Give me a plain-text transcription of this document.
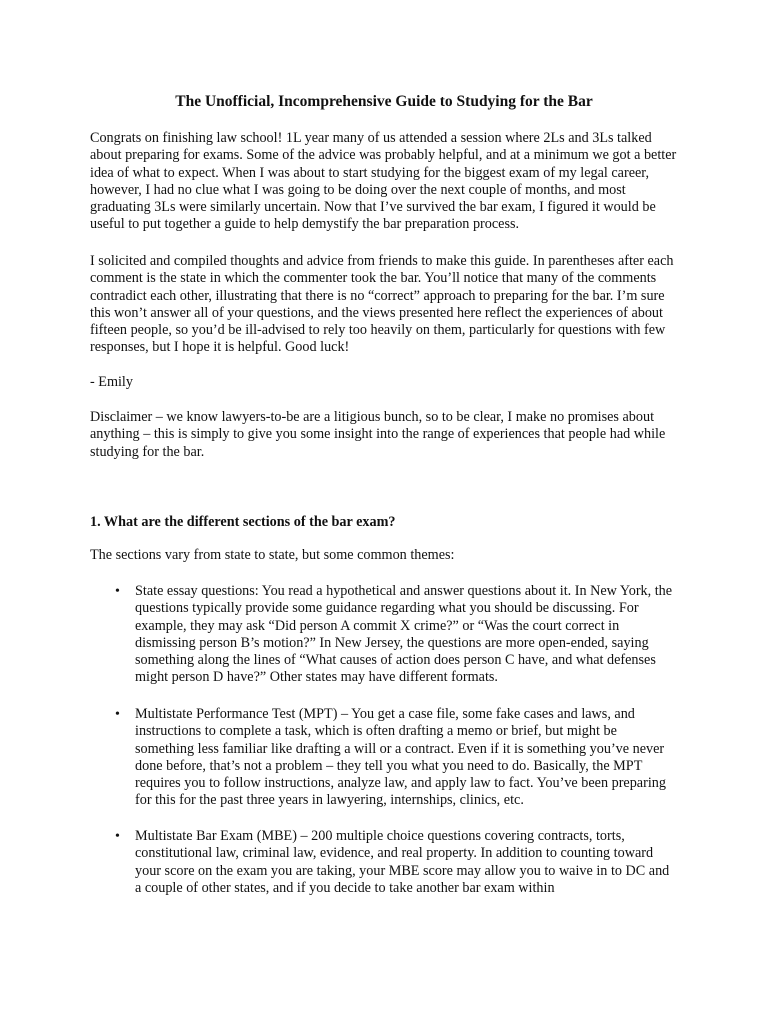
The Unofficial, Incomprehensive Guide to Studying for the Bar

Congrats on finishing law school! 1L year many of us attended a session where 2Ls and 3Ls talked about preparing for exams. Some of the advice was probably helpful, and at a minimum we got a better idea of what to expect. When I was about to start studying for the biggest exam of my legal career, however, I had no clue what I was going to be doing over the next couple of months, and most graduating 3Ls were similarly uncertain. Now that I’ve survived the bar exam, I figured it would be useful to put together a guide to help demystify the bar preparation process.

I solicited and compiled thoughts and advice from friends to make this guide. In parentheses after each comment is the state in which the commenter took the bar. You’ll notice that many of the comments contradict each other, illustrating that there is no “correct” approach to preparing for the bar. I’m sure this won’t answer all of your questions, and the views presented here reflect the experiences of about fifteen people, so you’d be ill-advised to rely too heavily on them, particularly for questions with few responses, but I hope it is helpful. Good luck!

- Emily

Disclaimer – we know lawyers-to-be are a litigious bunch, so to be clear, I make no promises about anything – this is simply to give you some insight into the range of experiences that people had while studying for the bar.

1. What are the different sections of the bar exam?

The sections vary from state to state, but some common themes:

•	State essay questions: You read a hypothetical and answer questions about it. In New York, the questions typically provide some guidance regarding what you should be discussing. For example, they may ask “Did person A commit X crime?” or “Was the court correct in dismissing person B’s motion?” In New Jersey, the questions are more open-ended, saying something along the lines of “What causes of action does person C have, and what defenses might person D have?” Other states may have different formats.
•	Multistate Performance Test (MPT) – You get a case file, some fake cases and laws, and instructions to complete a task, which is often drafting a memo or brief, but might be something less familiar like drafting a will or a contract. Even if it is something you’ve never done before, that’s not a problem – they tell you what you need to do. Basically, the MPT requires you to follow instructions, analyze law, and apply law to fact. You’ve been preparing for this for the past three years in lawyering, internships, clinics, etc.
•	Multistate Bar Exam (MBE) – 200 multiple choice questions covering contracts, torts, constitutional law, criminal law, evidence, and real property. In addition to counting toward your score on the exam you are taking, your MBE score may allow you to waive in to DC and a couple of other states, and if you decide to take another bar exam within
